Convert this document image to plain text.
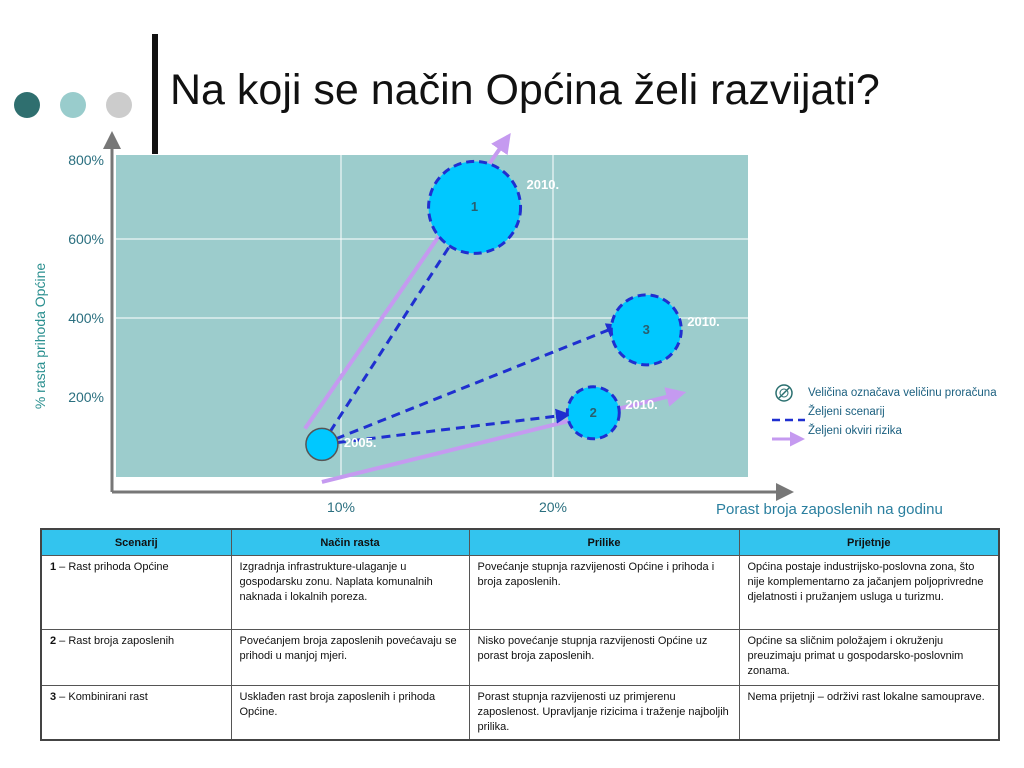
Na koji se način Općina želi razvijati?
% rasta prihoda Općine
800%
600%
400%
200%
10%	20%	Porast broja zaposlenih na godinu
2005.
1
2010.
3
2010.
2
2010.
Veličina označava veličinu proračuna
Željeni scenarij
Željeni okviri rizika
Scenarij	Način rasta	Prilike	Prijetnje
1 – Rast prihoda Općine	Izgradnja infrastrukture-ulaganje u gospodarsku zonu. Naplata komunalnih naknada i lokalnih poreza.	Povećanje stupnja razvijenosti Općine i prihoda i broja zaposlenih.	Općina postaje industrijsko-poslovna zona, što nije komplementarno za jačanjem poljoprivredne djelatnosti i pružanjem usluga u turizmu.
2 – Rast broja zaposlenih	Povećanjem broja zaposlenih povećavaju se prihodi u manjoj mjeri.	Nisko povećanje stupnja razvijenosti Općine uz porast broja zaposlenih.	Općine sa sličnim položajem i okruženju preuzimaju primat u gospodarsko-poslovnim zonama.
3 – Kombinirani rast	Usklađen rast broja zaposlenih i prihoda Općine.	Porast stupnja razvijenosti uz primjerenu zaposlenost. Upravljanje rizicima i traženje najboljih prilika.	Nema prijetnji – održivi rast lokalne samouprave.
